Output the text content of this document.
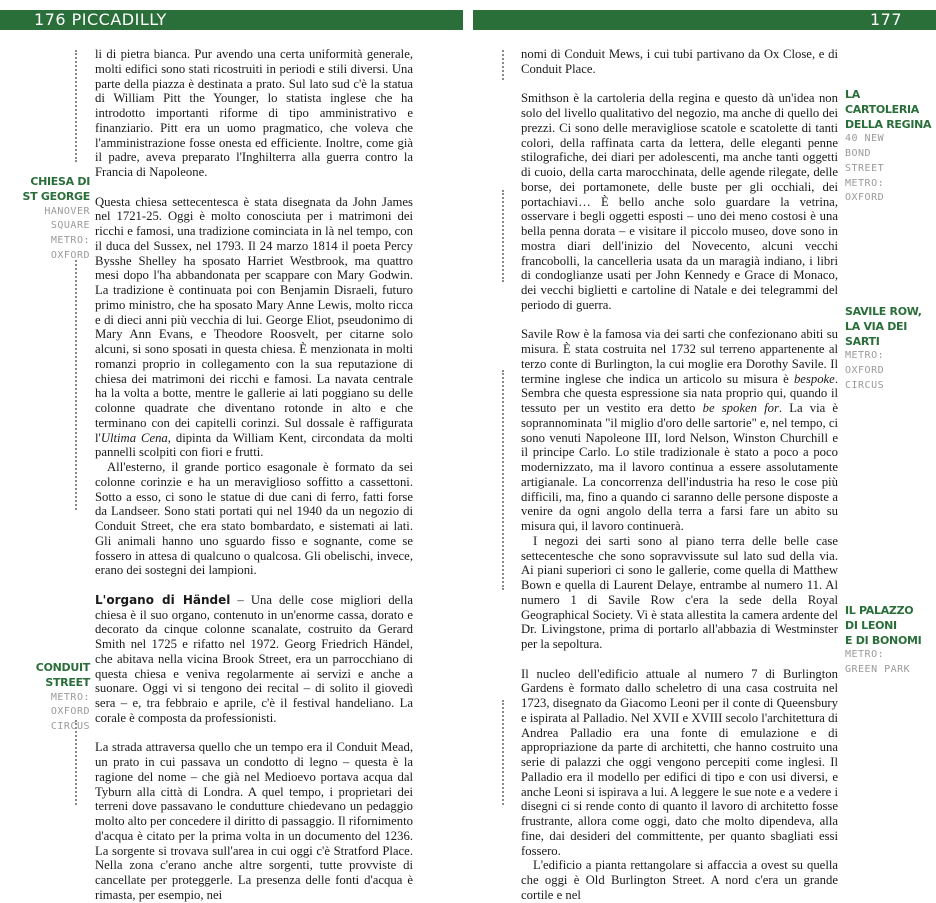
176 PICCADILLY	177
CHIESA DI
ST GEORGE
HANOVER
SQUARE
METRO:
OXFORD
CONDUIT STREET
METRO:
OXFORD
CIRCUS
LA CARTOLERIA
DELLA REGINA
40 NEW
BOND
STREET
METRO:
OXFORD
SAVILE ROW,
LA VIA DEI SARTI
METRO:
OXFORD
CIRCUS
IL PALAZZO
DI LEONI
E DI BONOMI
METRO:
GREEN PARK

li di pietra bianca. Pur avendo una certa uniformità generale, molti edifici sono stati ricostruiti in periodi e stili diversi. Una parte della piazza è destinata a prato. Sul lato sud c'è la statua di William Pitt the Younger, lo statista inglese che ha introdotto importanti riforme di tipo amministrativo e finanziario. Pitt era un uomo pragmatico, che voleva che l'amministrazione fosse onesta ed efficiente. Inoltre, come già il padre, aveva preparato l'Inghilterra alla guerra contro la Francia di Napoleone.

Questa chiesa settecentesca è stata disegnata da John James nel 1721-25. Oggi è molto conosciuta per i matrimoni dei ricchi e famosi, una tradizione cominciata in là nel tempo, con il duca del Sussex, nel 1793. Il 24 marzo 1814 il poeta Percy Bysshe Shelley ha sposato Harriet Westbrook, ma quattro mesi dopo l'ha abbandonata per scappare con Mary Godwin. La tradizione è continuata poi con Benjamin Disraeli, futuro primo ministro, che ha sposato Mary Anne Lewis, molto ricca e di dieci anni più vecchia di lui. George Eliot, pseudonimo di Mary Ann Evans, e Theodore Roosvelt, per citarne solo alcuni, si sono sposati in questa chiesa. È menzionata in molti romanzi proprio in collegamento con la sua reputazione di chiesa dei matrimoni dei ricchi e famosi. La navata centrale ha la volta a botte, mentre le gallerie ai lati poggiano su delle colonne quadrate che diventano rotonde in alto e che terminano con dei capitelli corinzi. Sul dossale è raffigurata l'Ultima Cena, dipinta da William Kent, circondata da molti pannelli scolpiti con fiori e frutti.

All'esterno, il grande portico esagonale è formato da sei colonne corinzie e ha un meraviglioso soffitto a cassettoni. Sotto a esso, ci sono le statue di due cani di ferro, fatti forse da Landseer. Sono stati portati qui nel 1940 da un negozio di Conduit Street, che era stato bombardato, e sistemati ai lati. Gli animali hanno uno sguardo fisso e sognante, come se fossero in attesa di qualcuno o qualcosa. Gli obelischi, invece, erano dei sostegni dei lampioni.

L'organo di Händel – Una delle cose migliori della chiesa è il suo organo, contenuto in un'enorme cassa, dorato e decorato da cinque colonne scanalate, costruito da Gerard Smith nel 1725 e rifatto nel 1972. Georg Friedrich Händel, che abitava nella vicina Brook Street, era un parrocchiano di questa chiesa e veniva regolarmente ai servizi e anche a suonare. Oggi vi si tengono dei recital – di solito il giovedì sera – e, tra febbraio e aprile, c'è il festival handeliano. La corale è composta da professionisti.

La strada attraversa quello che un tempo era il Conduit Mead, un prato in cui passava un condotto di legno – questa è la ragione del nome – che già nel Medioevo portava acqua dal Tyburn alla città di Londra. A quel tempo, i proprietari dei terreni dove passavano le condutture chiedevano un pedaggio molto alto per concedere il diritto di passaggio. Il rifornimento d'acqua è citato per la prima volta in un documento del 1236. La sorgente si trovava sull'area in cui oggi c'è Stratford Place. Nella zona c'erano anche altre sorgenti, tutte provviste di cancellate per proteggerle. La presenza delle fonti d'acqua è rimasta, per esempio, nei

nomi di Conduit Mews, i cui tubi partivano da Ox Close, e di Conduit Place.

Smithson è la cartoleria della regina e questo dà un'idea non solo del livello qualitativo del negozio, ma anche di quello dei prezzi. Ci sono delle meravigliose scatole e scatolette di tanti colori, della raffinata carta da lettera, delle eleganti penne stilografiche, dei diari per adolescenti, ma anche tanti oggetti di cuoio, della carta marocchinata, delle agende rilegate, delle borse, dei portamonete, delle buste per gli occhiali, dei portachiavi… È bello anche solo guardare la vetrina, osservare i begli oggetti esposti – uno dei meno costosi è una bella penna dorata – e visitare il piccolo museo, dove sono in mostra diari dell'inizio del Novecento, alcuni vecchi francobolli, la cancelleria usata da un maragià indiano, i libri di condoglianze usati per John Kennedy e Grace di Monaco, dei vecchi biglietti e cartoline di Natale e dei telegrammi del periodo di guerra.

Savile Row è la famosa via dei sarti che confezionano abiti su misura. È stata costruita nel 1732 sul terreno appartenente al terzo conte di Burlington, la cui moglie era Dorothy Savile. Il termine inglese che indica un articolo su misura è bespoke. Sembra che questa espressione sia nata proprio qui, quando il tessuto per un vestito era detto be spoken for. La via è soprannominata "il miglio d'oro delle sartorie" e, nel tempo, ci sono venuti Napoleone III, lord Nelson, Winston Churchill e il principe Carlo. Lo stile tradizionale è stato a poco a poco modernizzato, ma il lavoro continua a essere assolutamente artigianale. La concorrenza dell'industria ha reso le cose più difficili, ma, fino a quando ci saranno delle persone disposte a venire da ogni angolo della terra a farsi fare un abito su misura qui, il lavoro continuerà.

I negozi dei sarti sono al piano terra delle belle case settecentesche che sono sopravvissute sul lato sud della via. Ai piani superiori ci sono le gallerie, come quella di Matthew Bown e quella di Laurent Delaye, entrambe al numero 11. Al numero 1 di Savile Row c'era la sede della Royal Geographical Society. Vi è stata allestita la camera ardente del Dr. Livingstone, prima di portarlo all'abbazia di Westminster per la sepoltura.

Il nucleo dell'edificio attuale al numero 7 di Burlington Gardens è formato dallo scheletro di una casa costruita nel 1723, disegnato da Giacomo Leoni per il conte di Queensbury e ispirata al Palladio. Nel XVII e XVIII secolo l'architettura di Andrea Palladio era una fonte di emulazione e di appropriazione da parte di architetti, che hanno costruito una serie di palazzi che oggi vengono percepiti come inglesi. Il Palladio era il modello per edifici di tipo e con usi diversi, e anche Leoni si ispirava a lui. A leggere le sue note e a vedere i disegni ci si rende conto di quanto il lavoro di architetto fosse frustrante, allora come oggi, dato che molto dipendeva, alla fine, dai desideri del committente, per quanto sbagliati essi fossero.

L'edificio a pianta rettangolare si affaccia a ovest su quella che oggi è Old Burlington Street. A nord c'era un grande cortile e nel
